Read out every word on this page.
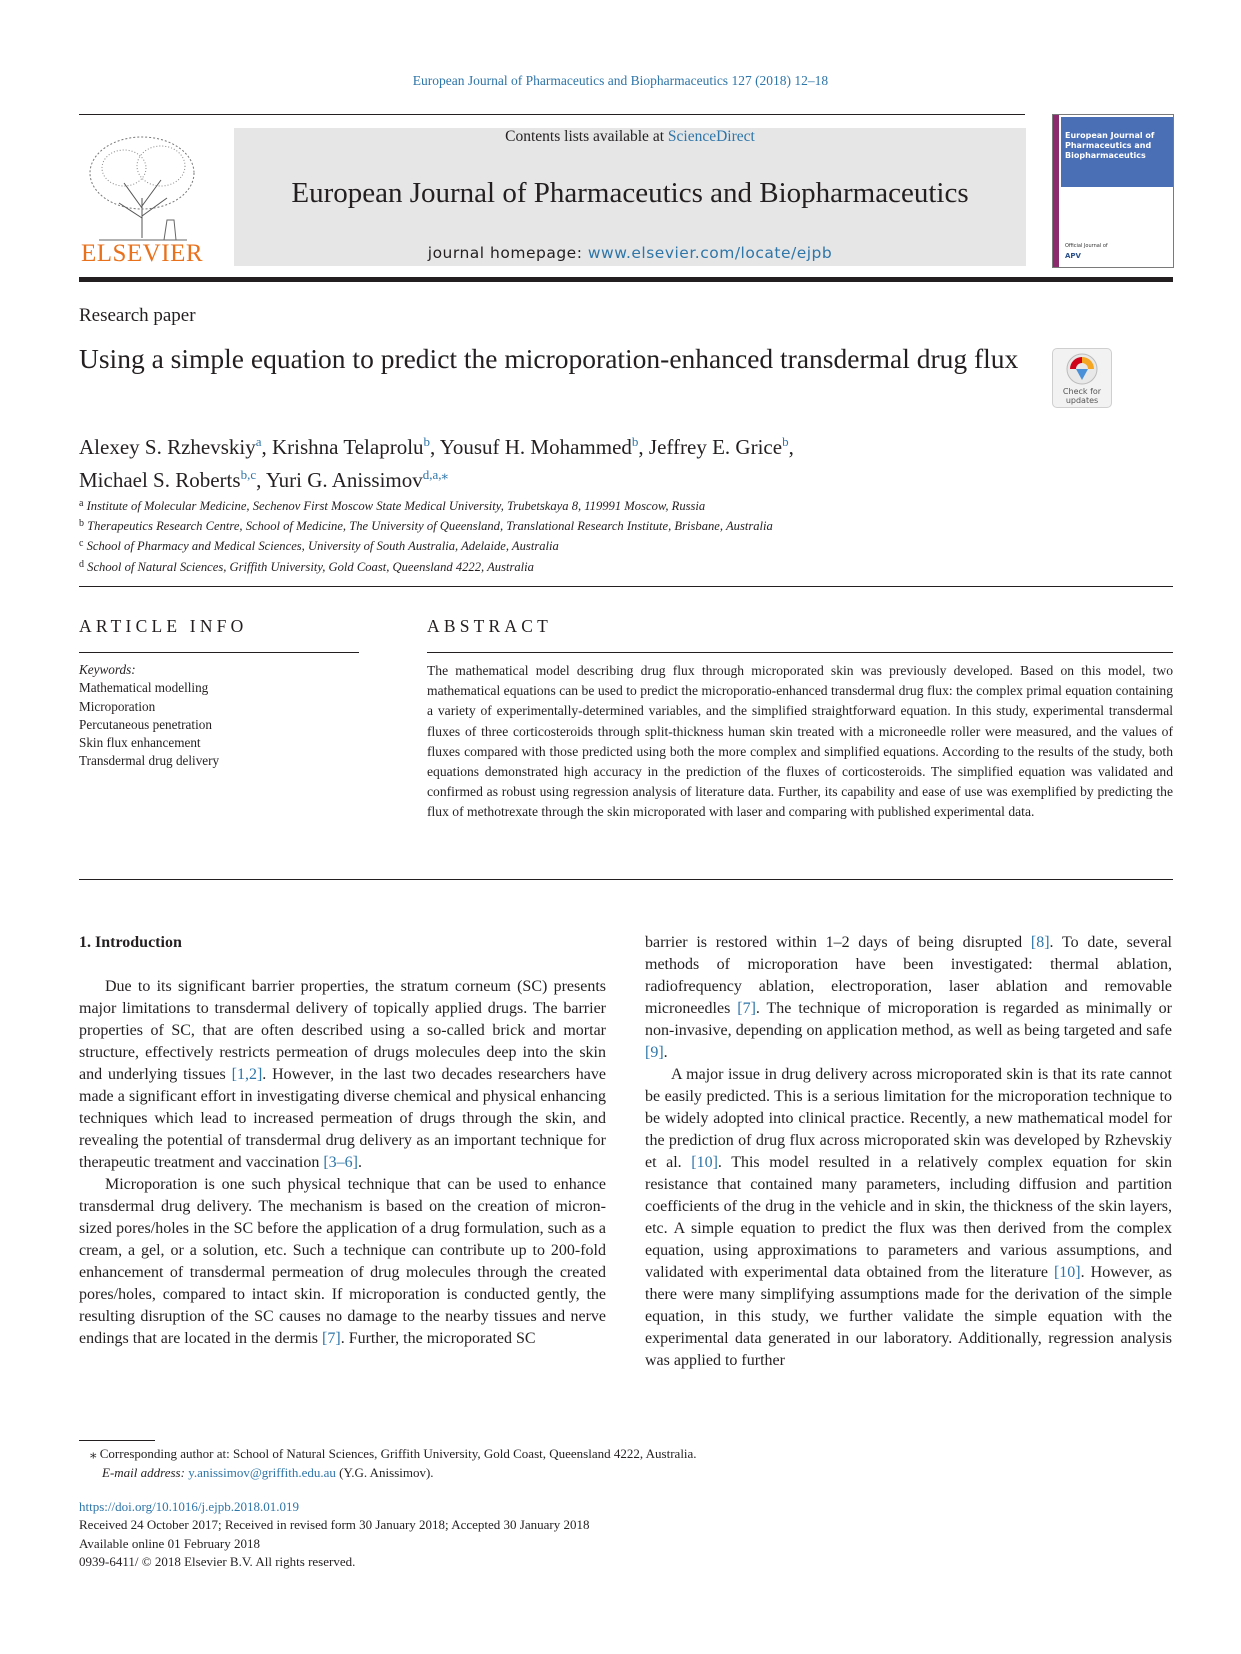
European Journal of Pharmaceutics and Biopharmaceutics 127 (2018) 12–18
ELSEVIER
Contents lists available at ScienceDirect
European Journal of Pharmaceutics and Biopharmaceutics
journal homepage: www.elsevier.com/locate/ejpb
European Journal of Pharmaceutics and Biopharmaceutics
Official Journal of
APV
Research paper
Using a simple equation to predict the microporation-enhanced transdermal drug flux
Check for updates
Alexey S. Rzhevskiy$^a$, Krishna Telaprolu$^b$, Yousuf H. Mohammed$^b$, Jeffrey E. Grice$^b$,
Michael S. Roberts$^{b,c}$, Yuri G. Anissimov$^{d,a,⁎}$
$^a$ Institute of Molecular Medicine, Sechenov First Moscow State Medical University, Trubetskaya 8, 119991 Moscow, Russia
$^b$ Therapeutics Research Centre, School of Medicine, The University of Queensland, Translational Research Institute, Brisbane, Australia
$^c$ School of Pharmacy and Medical Sciences, University of South Australia, Adelaide, Australia
$^d$ School of Natural Sciences, Griffith University, Gold Coast, Queensland 4222, Australia
ARTICLE INFO
Keywords:
Mathematical modelling
Microporation
Percutaneous penetration
Skin flux enhancement
Transdermal drug delivery
ABSTRACT
The mathematical model describing drug flux through microporated skin was previously developed. Based on this model, two mathematical equations can be used to predict the microporatio-enhanced transdermal drug flux: the complex primal equation containing a variety of experimentally-determined variables, and the simplified straightforward equation. In this study, experimental transdermal fluxes of three corticosteroids through split-thickness human skin treated with a microneedle roller were measured, and the values of fluxes compared with those predicted using both the more complex and simplified equations. According to the results of the study, both equations demonstrated high accuracy in the prediction of the fluxes of corticosteroids. The simplified equation was validated and confirmed as robust using regression analysis of literature data. Further, its capability and ease of use was exemplified by predicting the flux of methotrexate through the skin microporated with laser and comparing with published experimental data.
1. Introduction

Due to its significant barrier properties, the stratum corneum (SC) presents major limitations to transdermal delivery of topically applied drugs. The barrier properties of SC, that are often described using a so-called brick and mortar structure, effectively restricts permeation of drugs molecules deep into the skin and underlying tissues [1,2]. However, in the last two decades researchers have made a significant effort in investigating diverse chemical and physical enhancing techniques which lead to increased permeation of drugs through the skin, and revealing the potential of transdermal drug delivery as an important technique for therapeutic treatment and vaccination [3–6].

Microporation is one such physical technique that can be used to enhance transdermal drug delivery. The mechanism is based on the creation of micron-sized pores/holes in the SC before the application of a drug formulation, such as a cream, a gel, or a solution, etc. Such a technique can contribute up to 200-fold enhancement of transdermal permeation of drug molecules through the created pores/holes, compared to intact skin. If microporation is conducted gently, the resulting disruption of the SC causes no damage to the nearby tissues and nerve endings that are located in the dermis [7]. Further, the microporated SC

barrier is restored within 1–2 days of being disrupted [8]. To date, several methods of microporation have been investigated: thermal ablation, radiofrequency ablation, electroporation, laser ablation and removable microneedles [7]. The technique of microporation is regarded as minimally or non-invasive, depending on application method, as well as being targeted and safe [9].

A major issue in drug delivery across microporated skin is that its rate cannot be easily predicted. This is a serious limitation for the microporation technique to be widely adopted into clinical practice. Recently, a new mathematical model for the prediction of drug flux across microporated skin was developed by Rzhevskiy et al. [10]. This model resulted in a relatively complex equation for skin resistance that contained many parameters, including diffusion and partition coefficients of the drug in the vehicle and in skin, the thickness of the skin layers, etc. A simple equation to predict the flux was then derived from the complex equation, using approximations to parameters and various assumptions, and validated with experimental data obtained from the literature [10]. However, as there were many simplifying assumptions made for the derivation of the simple equation, in this study, we further validate the simple equation with the experimental data generated in our laboratory. Additionally, regression analysis was applied to further

⁎ Corresponding author at: School of Natural Sciences, Griffith University, Gold Coast, Queensland 4222, Australia.
E-mail address: y.anissimov@griffith.edu.au (Y.G. Anissimov).
https://doi.org/10.1016/j.ejpb.2018.01.019
Received 24 October 2017; Received in revised form 30 January 2018; Accepted 30 January 2018
Available online 01 February 2018
0939-6411/ © 2018 Elsevier B.V. All rights reserved.
